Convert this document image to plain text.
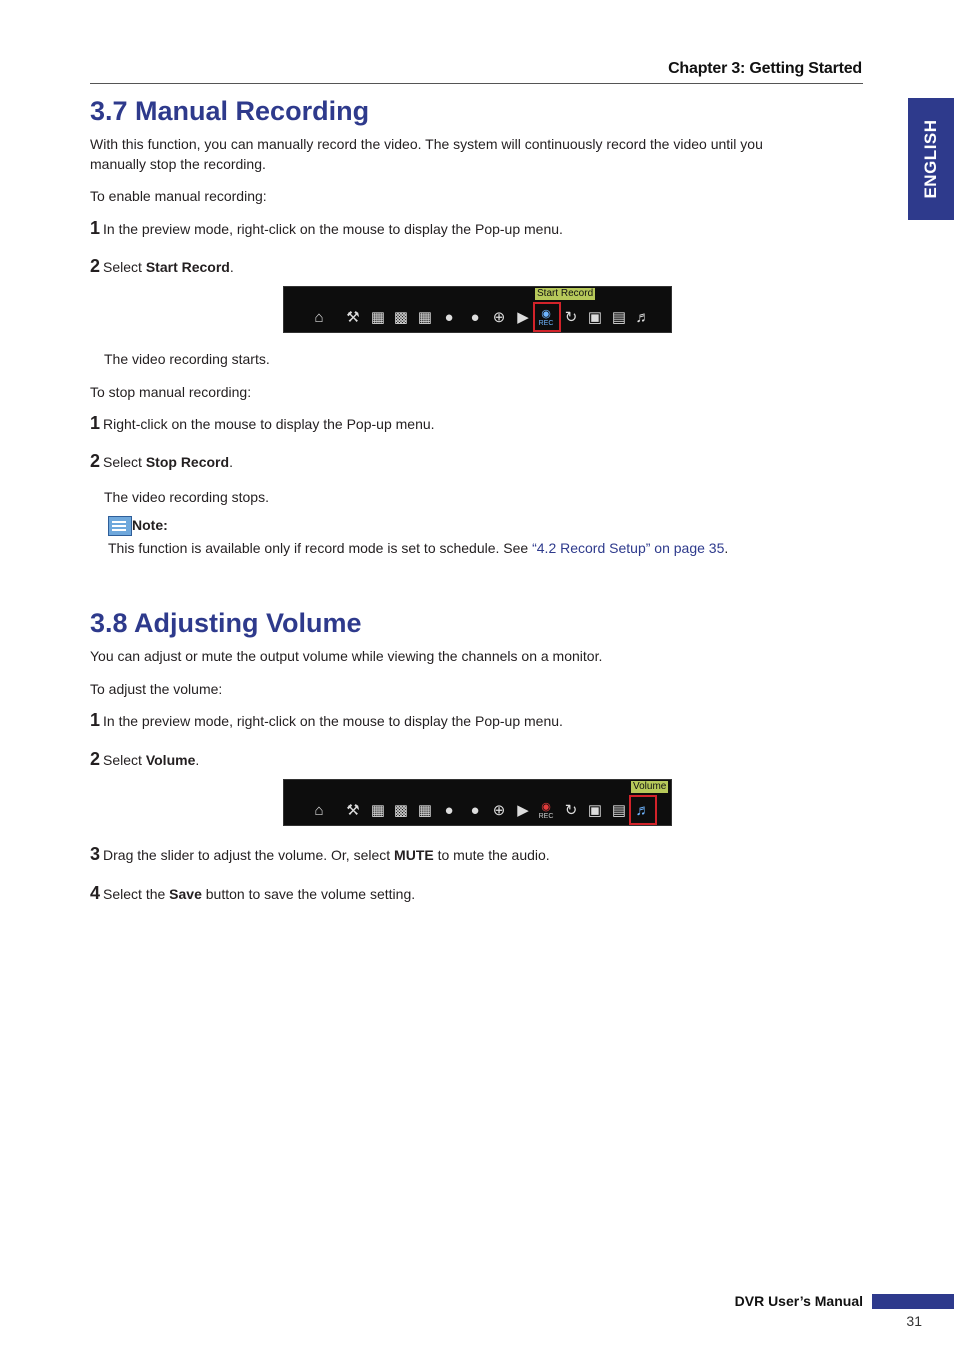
Chapter 3: Getting Started
ENGLISH
3.7 Manual Recording
With this function, you can manually record the video. The system will continuously record the video until you manually stop the recording.
To enable manual recording:
1 In the preview mode, right-click on the mouse to display the Pop-up menu.
2 Select Start Record.
Start Record
⌂	⚒ ▦ ▩ ▦ ●	● ⊕ ▶	◉
REC ↻ ▣ ▤ ♬
The video recording starts.
To stop manual recording:
1 Right-click on the mouse to display the Pop-up menu.
2 Select Stop Record.
The video recording stops.
Note:
This function is available only if record mode is set to schedule. See “4.2 Record Setup” on page 35.
3.8 Adjusting Volume
You can adjust or mute the output volume while viewing the channels on a monitor.
To adjust the volume:
1 In the preview mode, right-click on the mouse to display the Pop-up menu.
2 Select Volume.
Volume
⌂	⚒ ▦ ▩ ▦ ●	● ⊕ ▶	◉
REC ↻ ▣ ▤ ♬
3 Drag the slider to adjust the volume. Or, select MUTE to mute the audio.
4 Select the Save button to save the volume setting.
DVR User’s Manual
31
